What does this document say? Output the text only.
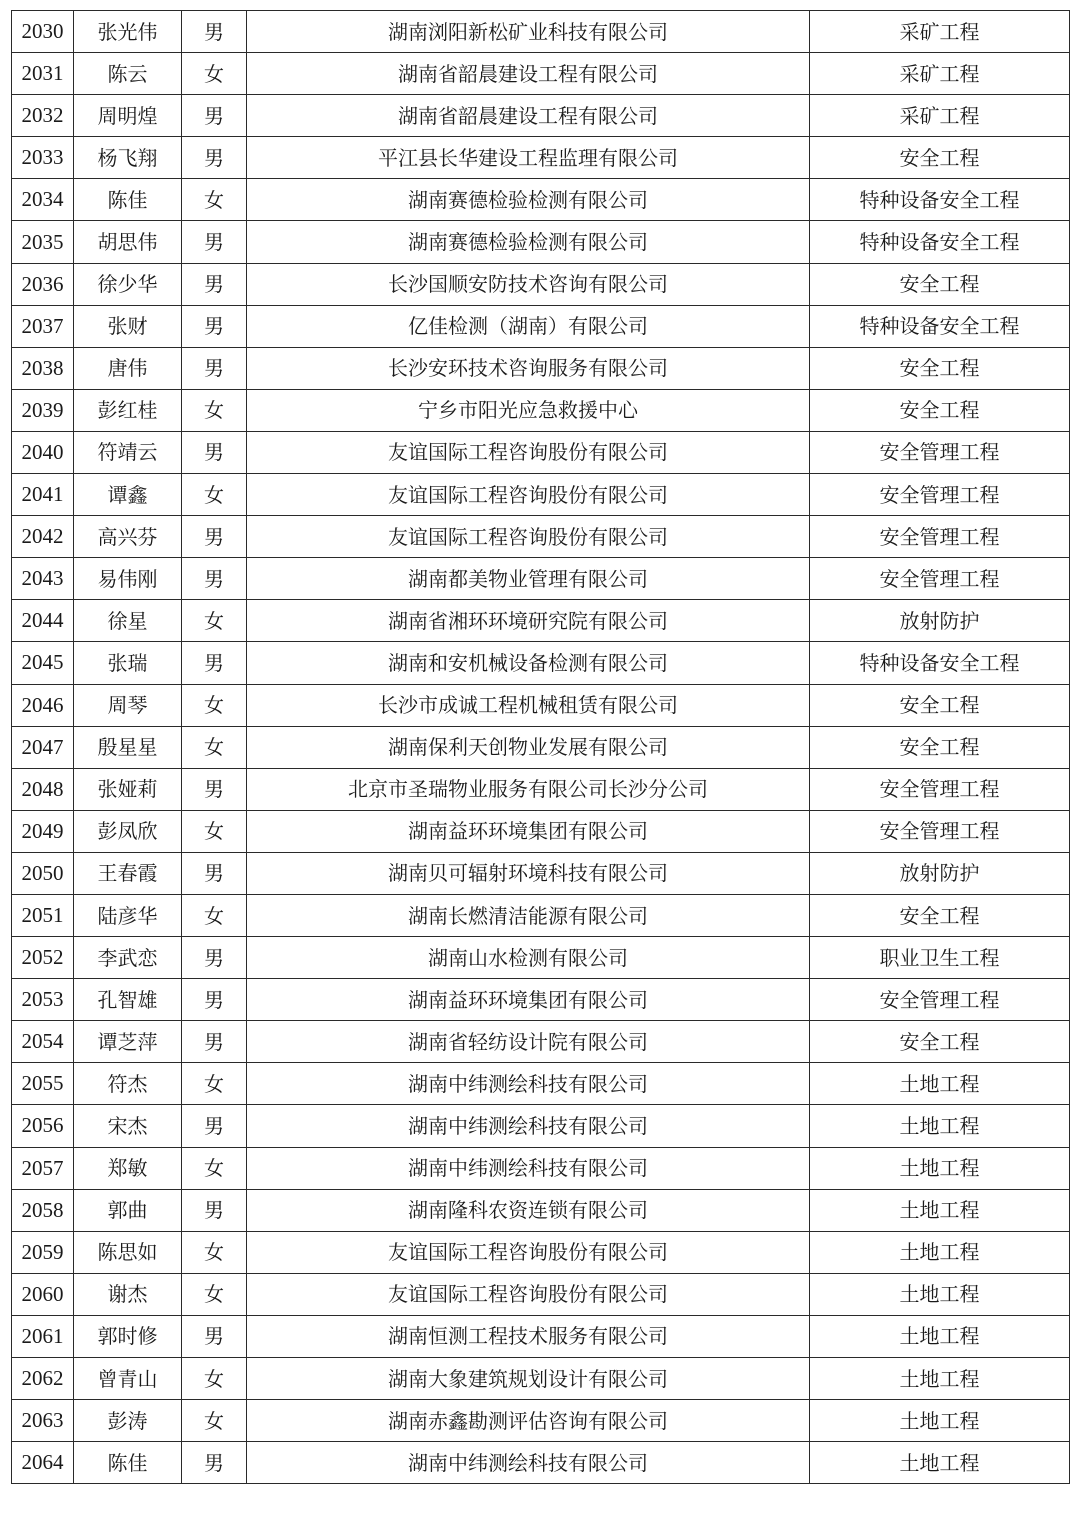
2030	张光伟	男	湖南浏阳新松矿业科技有限公司	采矿工程
2031	陈云	女	湖南省韶晨建设工程有限公司	采矿工程
2032	周明煌	男	湖南省韶晨建设工程有限公司	采矿工程
2033	杨飞翔	男	平江县长华建设工程监理有限公司	安全工程
2034	陈佳	女	湖南赛德检验检测有限公司	特种设备安全工程
2035	胡思伟	男	湖南赛德检验检测有限公司	特种设备安全工程
2036	徐少华	男	长沙国顺安防技术咨询有限公司	安全工程
2037	张财	男	亿佳检测（湖南）有限公司	特种设备安全工程
2038	唐伟	男	长沙安环技术咨询服务有限公司	安全工程
2039	彭红桂	女	宁乡市阳光应急救援中心	安全工程
2040	符靖云	男	友谊国际工程咨询股份有限公司	安全管理工程
2041	谭鑫	女	友谊国际工程咨询股份有限公司	安全管理工程
2042	高兴芬	男	友谊国际工程咨询股份有限公司	安全管理工程
2043	易伟刚	男	湖南都美物业管理有限公司	安全管理工程
2044	徐星	女	湖南省湘环环境研究院有限公司	放射防护
2045	张瑞	男	湖南和安机械设备检测有限公司	特种设备安全工程
2046	周琴	女	长沙市成诚工程机械租赁有限公司	安全工程
2047	殷星星	女	湖南保利天创物业发展有限公司	安全工程
2048	张娅莉	男	北京市圣瑞物业服务有限公司长沙分公司	安全管理工程
2049	彭凤欣	女	湖南益环环境集团有限公司	安全管理工程
2050	王春霞	男	湖南贝可辐射环境科技有限公司	放射防护
2051	陆彦华	女	湖南长燃清洁能源有限公司	安全工程
2052	李武恋	男	湖南山水检测有限公司	职业卫生工程
2053	孔智雄	男	湖南益环环境集团有限公司	安全管理工程
2054	谭芝萍	男	湖南省轻纺设计院有限公司	安全工程
2055	符杰	女	湖南中纬测绘科技有限公司	土地工程
2056	宋杰	男	湖南中纬测绘科技有限公司	土地工程
2057	郑敏	女	湖南中纬测绘科技有限公司	土地工程
2058	郭曲	男	湖南隆科农资连锁有限公司	土地工程
2059	陈思如	女	友谊国际工程咨询股份有限公司	土地工程
2060	谢杰	女	友谊国际工程咨询股份有限公司	土地工程
2061	郭时修	男	湖南恒测工程技术服务有限公司	土地工程
2062	曾青山	女	湖南大象建筑规划设计有限公司	土地工程
2063	彭涛	女	湖南赤鑫勘测评估咨询有限公司	土地工程
2064	陈佳	男	湖南中纬测绘科技有限公司	土地工程
